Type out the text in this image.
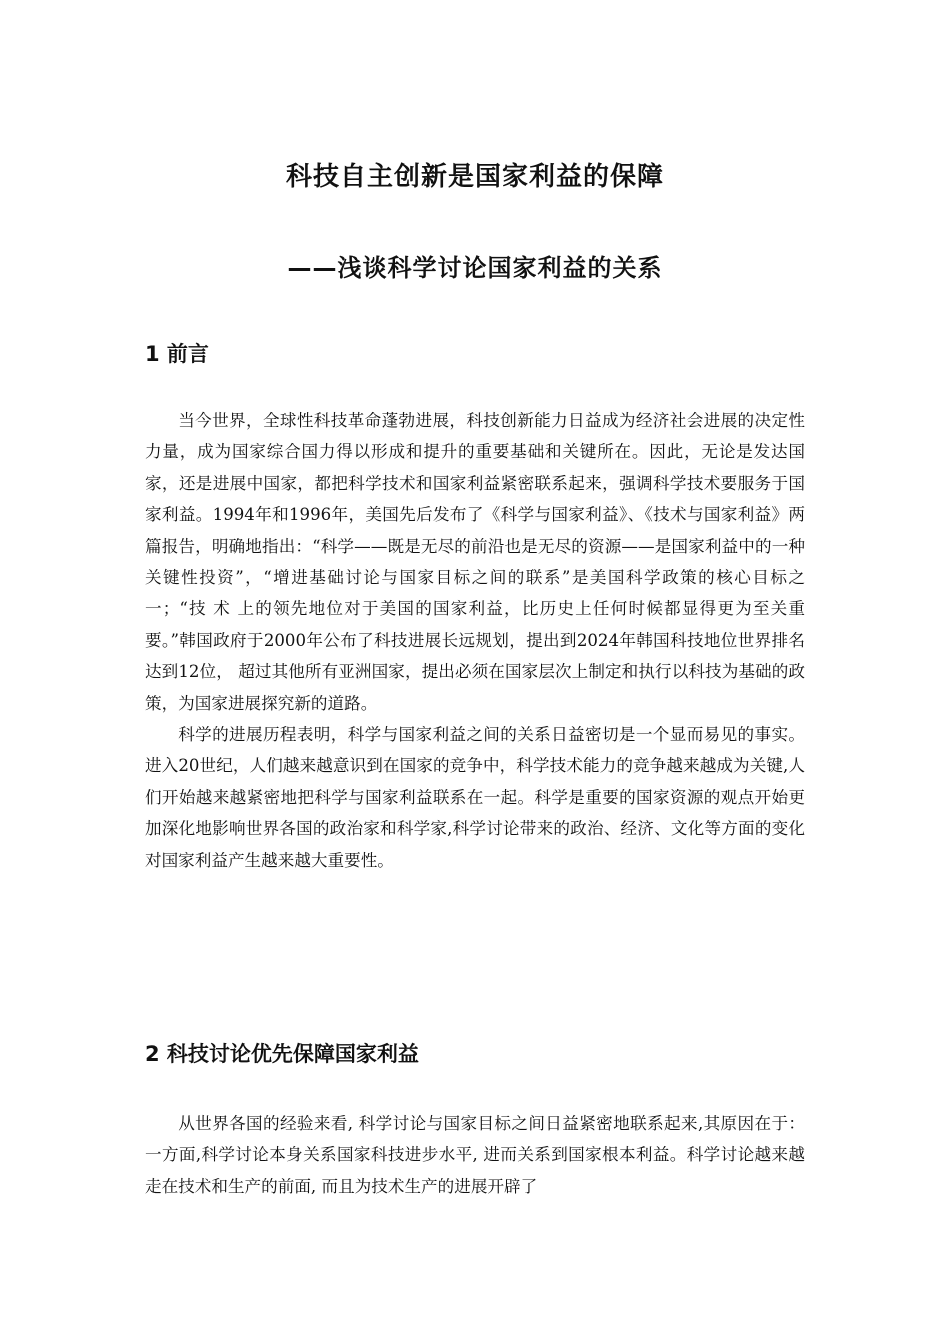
科技自主创新是国家利益的保障
——浅谈科学讨论国家利益的关系
1 前言

当今世界，全球性科技革命蓬勃进展，科技创新能力日益成为经济社会进展的决定性力量，成为国家综合国力得以形成和提升的重要基础和关键所在。因此，无论是发达国家，还是进展中国家，都把科学技术和国家利益紧密联系起来，强调科学技术要服务于国家利益。1994年和1996年，美国先后发布了《科学与国家利益》、《技术与国家利益》两篇报告，明确地指出：“科学——既是无尽的前沿也是无尽的资源——是国家利益中的一种关键性投资”，“增进基础讨论与国家目标之间的联系”是美国科学政策的核心目标之一；“技 术 上的领先地位对于美国的国家利益，比历史上任何时候都显得更为至关重要。”韩国政府于2000年公布了科技进展长远规划，提出到2024年韩国科技地位世界排名达到12位， 超过其他所有亚洲国家，提出必须在国家层次上制定和执行以科技为基础的政策，为国家进展探究新的道路。

科学的进展历程表明，科学与国家利益之间的关系日益密切是一个显而易见的事实。进入20世纪，人们越来越意识到在国家的竞争中，科学技术能力的竞争越来越成为关键,人们开始越来越紧密地把科学与国家利益联系在一起。科学是重要的国家资源的观点开始更加深化地影响世界各国的政治家和科学家,科学讨论带来的政治、经济、文化等方面的变化对国家利益产生越来越大重要性。

2 科技讨论优先保障国家利益

从世界各国的经验来看, 科学讨论与国家目标之间日益紧密地联系起来,其原因在于：一方面,科学讨论本身关系国家科技进步水平, 进而关系到国家根本利益。科学讨论越来越走在技术和生产的前面, 而且为技术生产的进展开辟了
